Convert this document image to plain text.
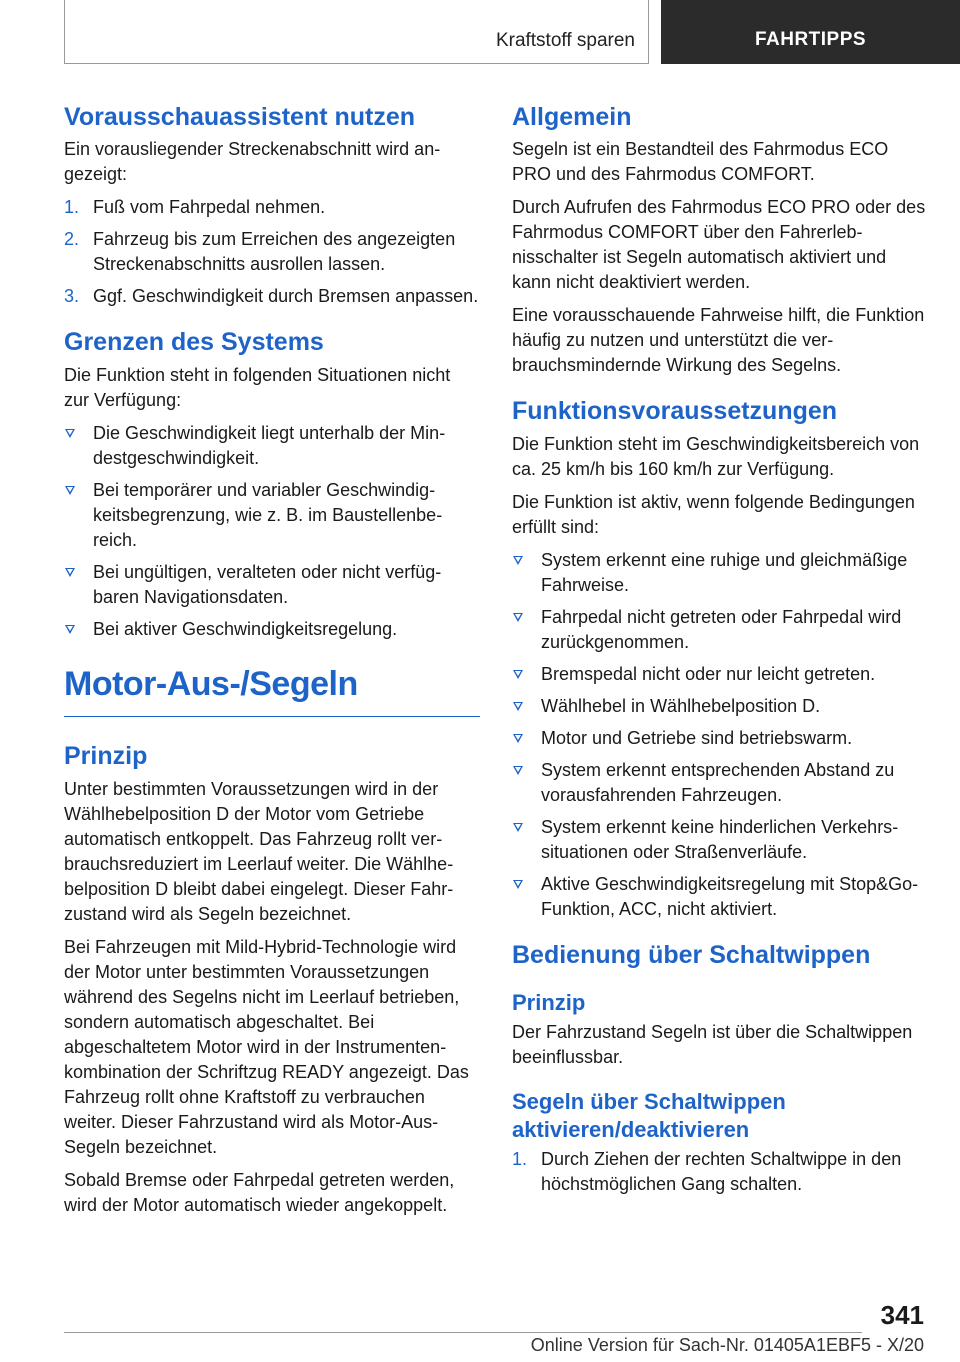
Kraftstoff sparen	FAHRTIPPS
Vorausschauassistent nutzen

Ein vorausliegender Streckenabschnitt wird angezeigt:

1. Fuß vom Fahrpedal nehmen.
2. Fahrzeug bis zum Erreichen des angezeigten Streckenabschnitts ausrollen lassen.
3. Ggf. Geschwindigkeit durch Bremsen anpassen.
Grenzen des Systems

Die Funktion steht in folgenden Situationen nicht zur Verfügung:

Die Geschwindigkeit liegt unterhalb der Mindestgeschwindigkeit.
Bei temporärer und variabler Geschwindigkeitsbegrenzung, wie z. B. im Baustellenbereich.
Bei ungültigen, veralteten oder nicht verfügbaren Navigationsdaten.
Bei aktiver Geschwindigkeitsregelung.
Motor-Aus-/Segeln
Prinzip

Unter bestimmten Voraussetzungen wird in der Wählhebelposition D der Motor vom Getriebe automatisch entkoppelt. Das Fahrzeug rollt verbrauchsreduziert im Leerlauf weiter. Die Wählhebelposition D bleibt dabei eingelegt. Dieser Fahrzustand wird als Segeln bezeichnet.

Bei Fahrzeugen mit Mild-Hybrid-Technologie wird der Motor unter bestimmten Voraussetzungen während des Segelns nicht im Leerlauf betrieben, sondern automatisch abgeschaltet. Bei abgeschaltetem Motor wird in der Instrumentenkombination der Schriftzug READY angezeigt. Das Fahrzeug rollt ohne Kraftstoff zu verbrauchen weiter. Dieser Fahrzustand wird als Motor-Aus-Segeln bezeichnet.

Sobald Bremse oder Fahrpedal getreten werden, wird der Motor automatisch wieder angekoppelt.

Allgemein

Segeln ist ein Bestandteil des Fahrmodus ECO PRO und des Fahrmodus COMFORT.

Durch Aufrufen des Fahrmodus ECO PRO oder des Fahrmodus COMFORT über den Fahrerlebnisschalter ist Segeln automatisch aktiviert und kann nicht deaktiviert werden.

Eine vorausschauende Fahrweise hilft, die Funktion häufig zu nutzen und unterstützt die verbrauchsmindernde Wirkung des Segelns.

Funktionsvoraussetzungen

Die Funktion steht im Geschwindigkeitsbereich von ca. 25 km/h bis 160 km/h zur Verfügung.

Die Funktion ist aktiv, wenn folgende Bedingungen erfüllt sind:

System erkennt eine ruhige und gleichmäßige Fahrweise.
Fahrpedal nicht getreten oder Fahrpedal wird zurückgenommen.
Bremspedal nicht oder nur leicht getreten.
Wählhebel in Wählhebelposition D.
Motor und Getriebe sind betriebswarm.
System erkennt entsprechenden Abstand zu vorausfahrenden Fahrzeugen.
System erkennt keine hinderlichen Verkehrssituationen oder Straßenverläufe.
Aktive Geschwindigkeitsregelung mit Stop&Go-Funktion, ACC, nicht aktiviert.
Bedienung über Schaltwippen
Prinzip

Der Fahrzustand Segeln ist über die Schaltwippen beeinflussbar.

Segeln über Schaltwippen aktivieren/deaktivieren
1. Durch Ziehen der rechten Schaltwippe in den höchstmöglichen Gang schalten.
341
Online Version für Sach-Nr. 01405A1EBF5 - X/20
